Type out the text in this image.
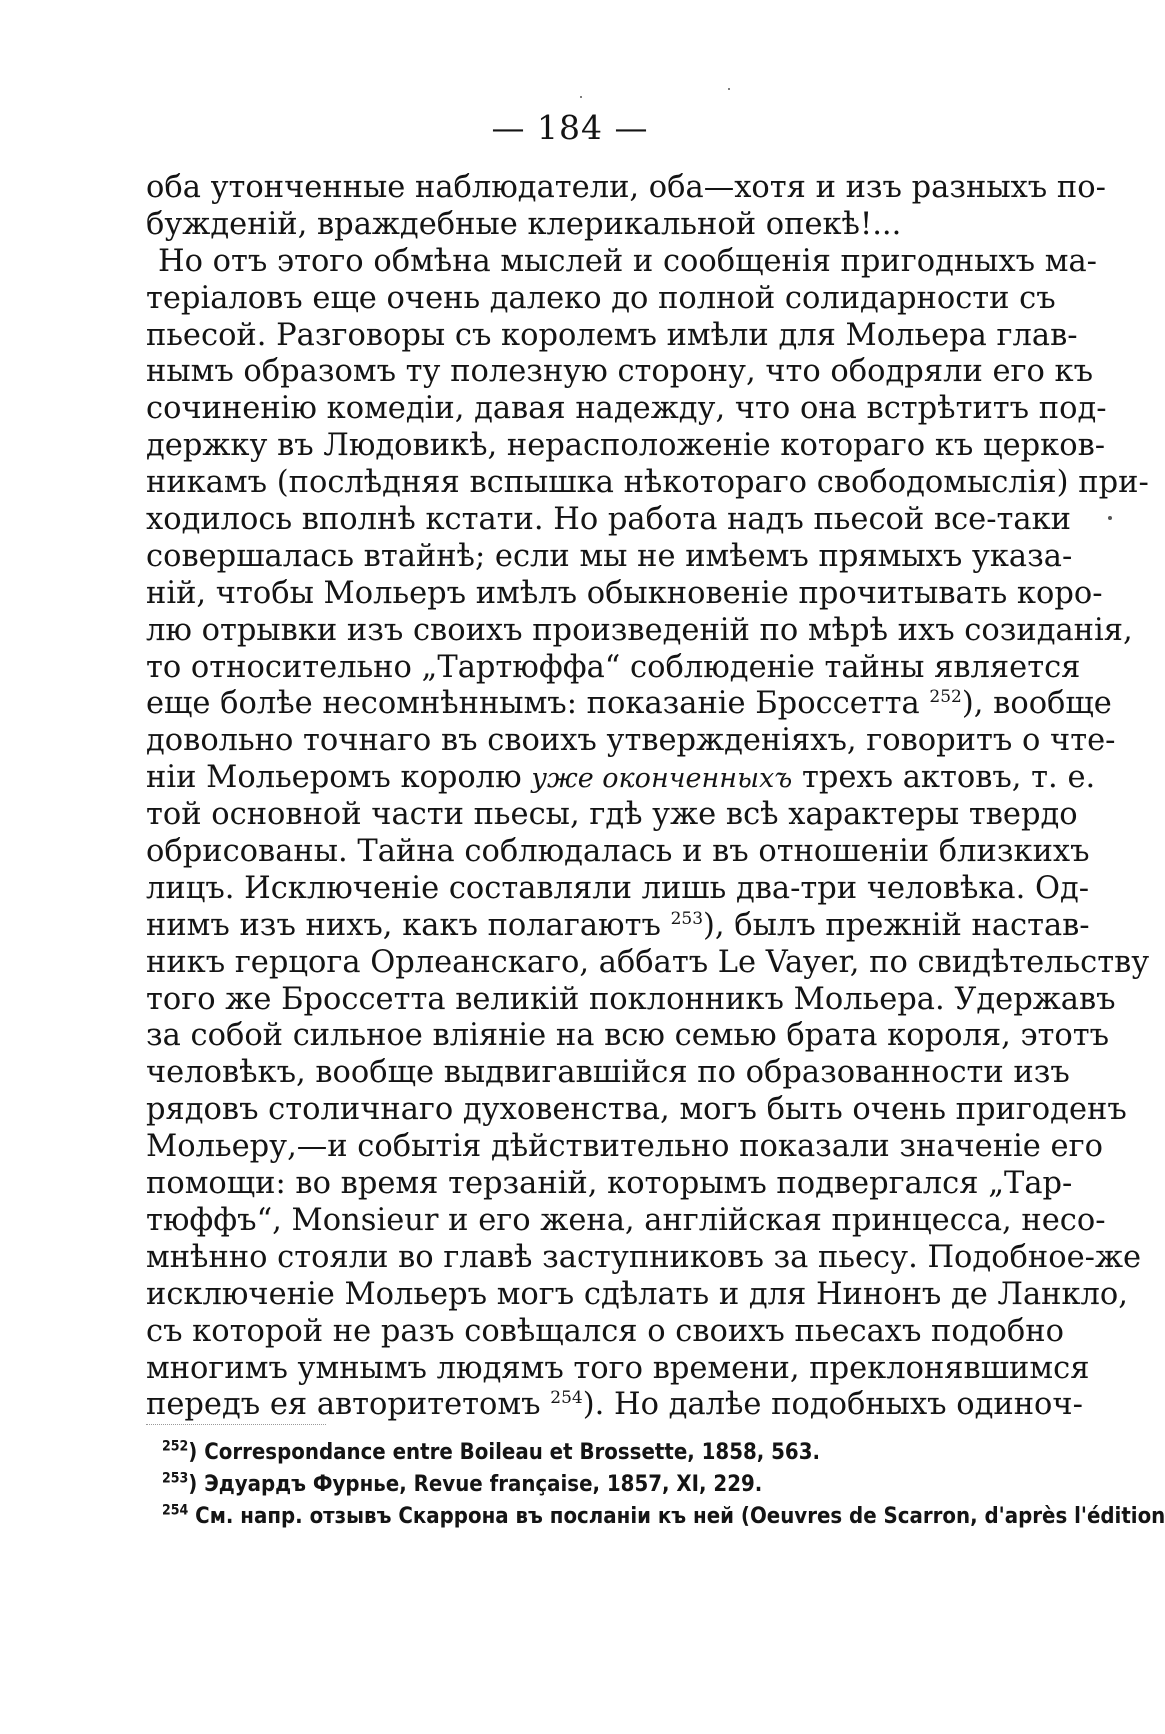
— 184 —
оба утонченные наблюдатели, оба—хотя и изъ разныхъ по-
бужденій, враждебные клерикальной опекѣ!...
Но отъ этого обмѣна мыслей и сообщенія пригодныхъ ма-
теріаловъ еще очень далеко до полной солидарности съ
пьесой. Разговоры съ королемъ имѣли для Мольера глав-
нымъ образомъ ту полезную сторону, что ободряли его къ
сочиненію комедіи, давая надежду, что она встрѣтитъ под-
держку въ Людовикѣ, нерасположеніе котораго къ церков-
никамъ (послѣдняя вспышка нѣкотораго свободомыслія) при-
ходилось вполнѣ кстати. Но работа надъ пьесой все-таки
совершалась втайнѣ; если мы не имѣемъ прямыхъ указа-
ній, чтобы Мольеръ имѣлъ обыкновеніе прочитывать коро-
лю отрывки изъ своихъ произведеній по мѣрѣ ихъ созиданія,
то относительно „Тартюффа“ соблюденіе тайны является
еще болѣе несомнѣннымъ: показаніе Броссетта $^{252}$), вообще
довольно точнаго въ своихъ утвержденіяхъ, говоритъ о чте-
ніи Мольеромъ королю уже оконченныхъ трехъ актовъ, т. е.
той основной части пьесы, гдѣ уже всѣ характеры твердо
обрисованы. Тайна соблюдалась и въ отношеніи близкихъ
лицъ. Исключеніе составляли лишь два-три человѣка. Од-
нимъ изъ нихъ, какъ полагаютъ $^{253}$), былъ прежній настав-
никъ герцога Орлеанскаго, аббатъ Le Vayer, по свидѣтельству
того же Броссетта великій поклонникъ Мольера. Удержавъ
за собой сильное вліяніе на всю семью брата короля, этотъ
человѣкъ, вообще выдвигавшійся по образованности изъ
рядовъ столичнаго духовенства, могъ быть очень пригоденъ
Мольеру,—и событія дѣйствительно показали значеніе его
помощи: во время терзаній, которымъ подвергался „Тар-
тюффъ“, Monsieur и его жена, англійская принцесса, несо-
мнѣнно стояли во главѣ заступниковъ за пьесу. Подобное-же
исключеніе Мольеръ могъ сдѣлать и для Нинонъ де Ланкло,
съ которой не разъ совѣщался о своихъ пьесахъ подобно
многимъ умнымъ людямъ того времени, преклонявшимся
передъ ея авторитетомъ $^{254}$). Но далѣе подобныхъ одиноч-
$^{252}$) Correspondance entre Boileau et Brossette, 1858, 563.
$^{253}$) Эдуардъ Фурнье, Revue française, 1857, XI, 229.
$^{254}$ См. напр. отзывъ Скаррона въ посланіи къ ней (Oeuvres de Scarron, d'après l'édition
